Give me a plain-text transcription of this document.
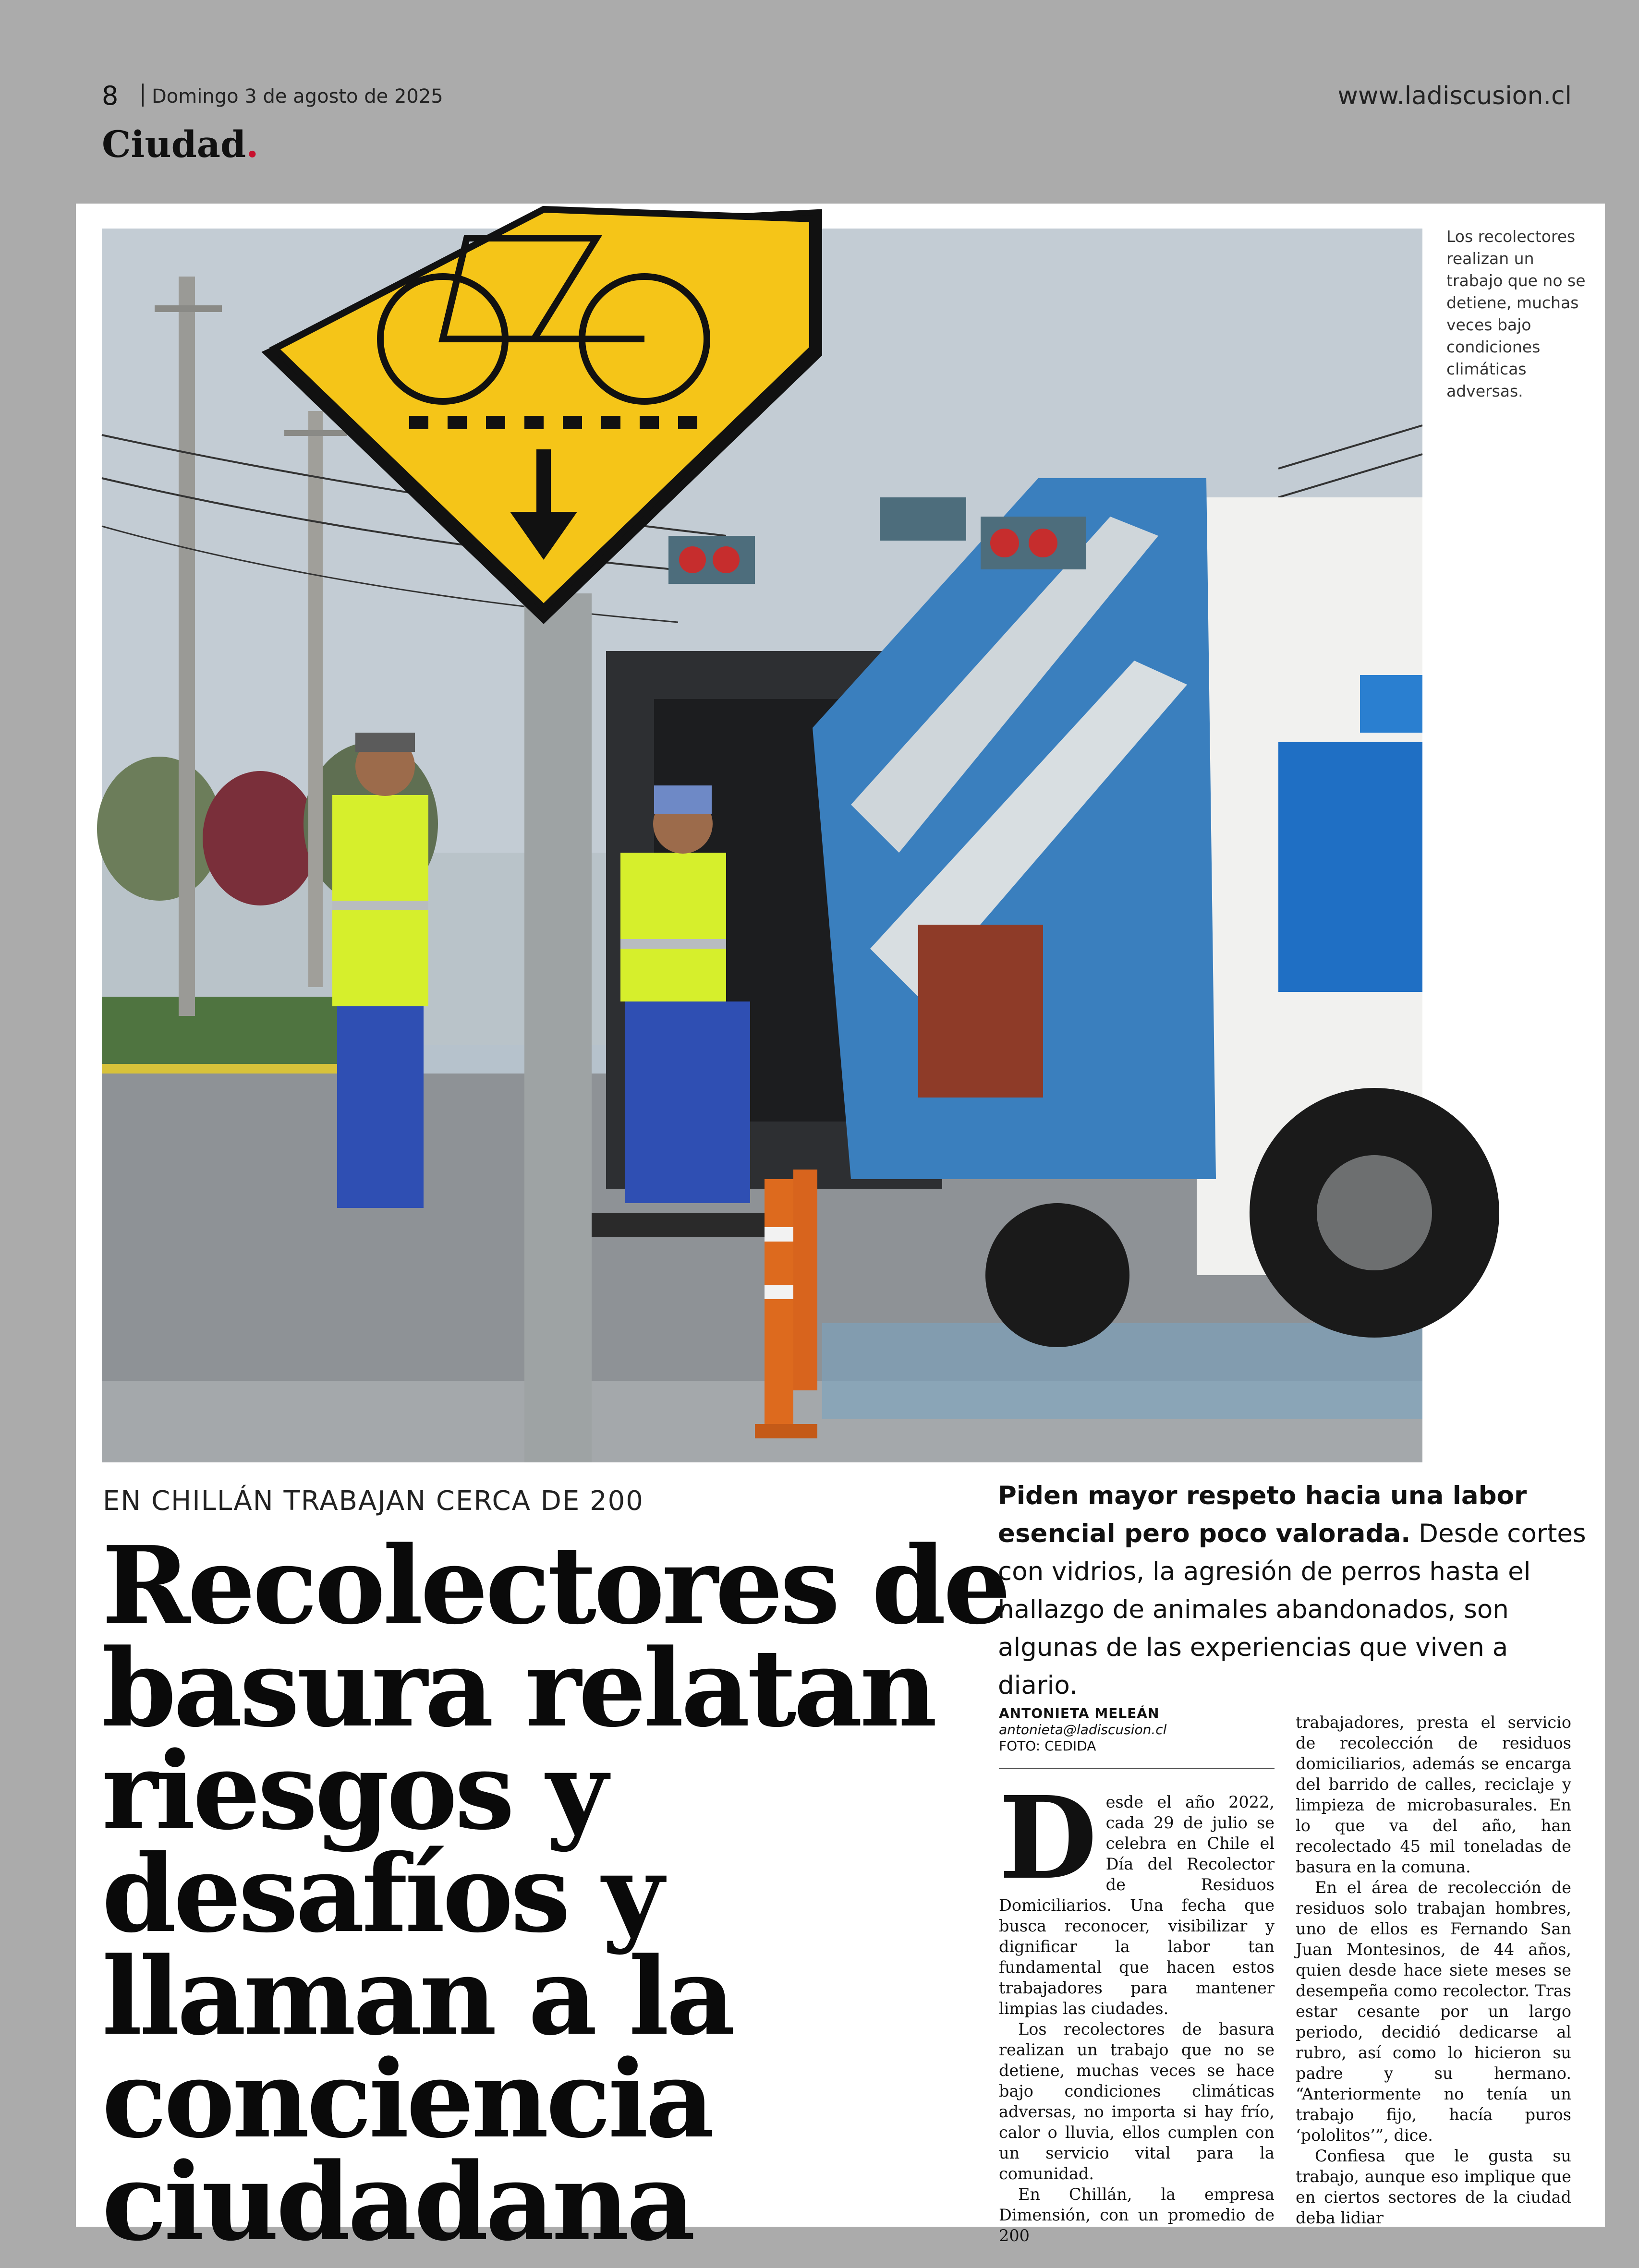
8 Domingo 3 de agosto de 2025	www.ladiscusion.cl
Ciudad.
Los recolectores realizan un trabajo que no se detiene, muchas veces bajo condiciones climáticas adversas.
EN CHILLÁN TRABAJAN CERCA DE 200
Recolectores de basura relatan riesgos y desafíos y llaman a la conciencia ciudadana
Piden mayor respeto hacia una labor esencial pero poco valorada. Desde cortes con vidrios, la agresión de perros hasta el hallazgo de animales abandonados, son algunas de las experiencias que viven a diario.
ANTONIETA MELEÁN
antonieta@ladiscusion.cl
FOTO: CEDIDA

Desde el año 2022, cada 29 de julio se celebra en Chile el Día del Recolector de Residuos Domiciliarios. Una fecha que busca reconocer, visibilizar y dignificar la labor tan fundamental que hacen estos trabajadores para mantener limpias las ciudades.

Los recolectores de basura realizan un trabajo que no se detiene, muchas veces se hace bajo condiciones climáticas adversas, no importa si hay frío, calor o lluvia, ellos cumplen con un servicio vital para la comunidad.

En Chillán, la empresa Dimensión, con un promedio de 200

trabajadores, presta el servicio de recolección de residuos domiciliarios, además se encarga del barrido de calles, reciclaje y limpieza de microbasurales. En lo que va del año, han recolectado 45 mil toneladas de basura en la comuna.

En el área de recolección de residuos solo trabajan hombres, uno de ellos es Fernando San Juan Montesinos, de 44 años, quien desde hace siete meses se desempeña como recolector. Tras estar cesante por un largo periodo, decidió dedicarse al rubro, así como lo hicieron su padre y su hermano. “Anteriormente no tenía un trabajo fijo, hacía puros ‘pololitos’”, dice.

Confiesa que le gusta su trabajo, aunque eso implique que en ciertos sectores de la ciudad deba lidiar
